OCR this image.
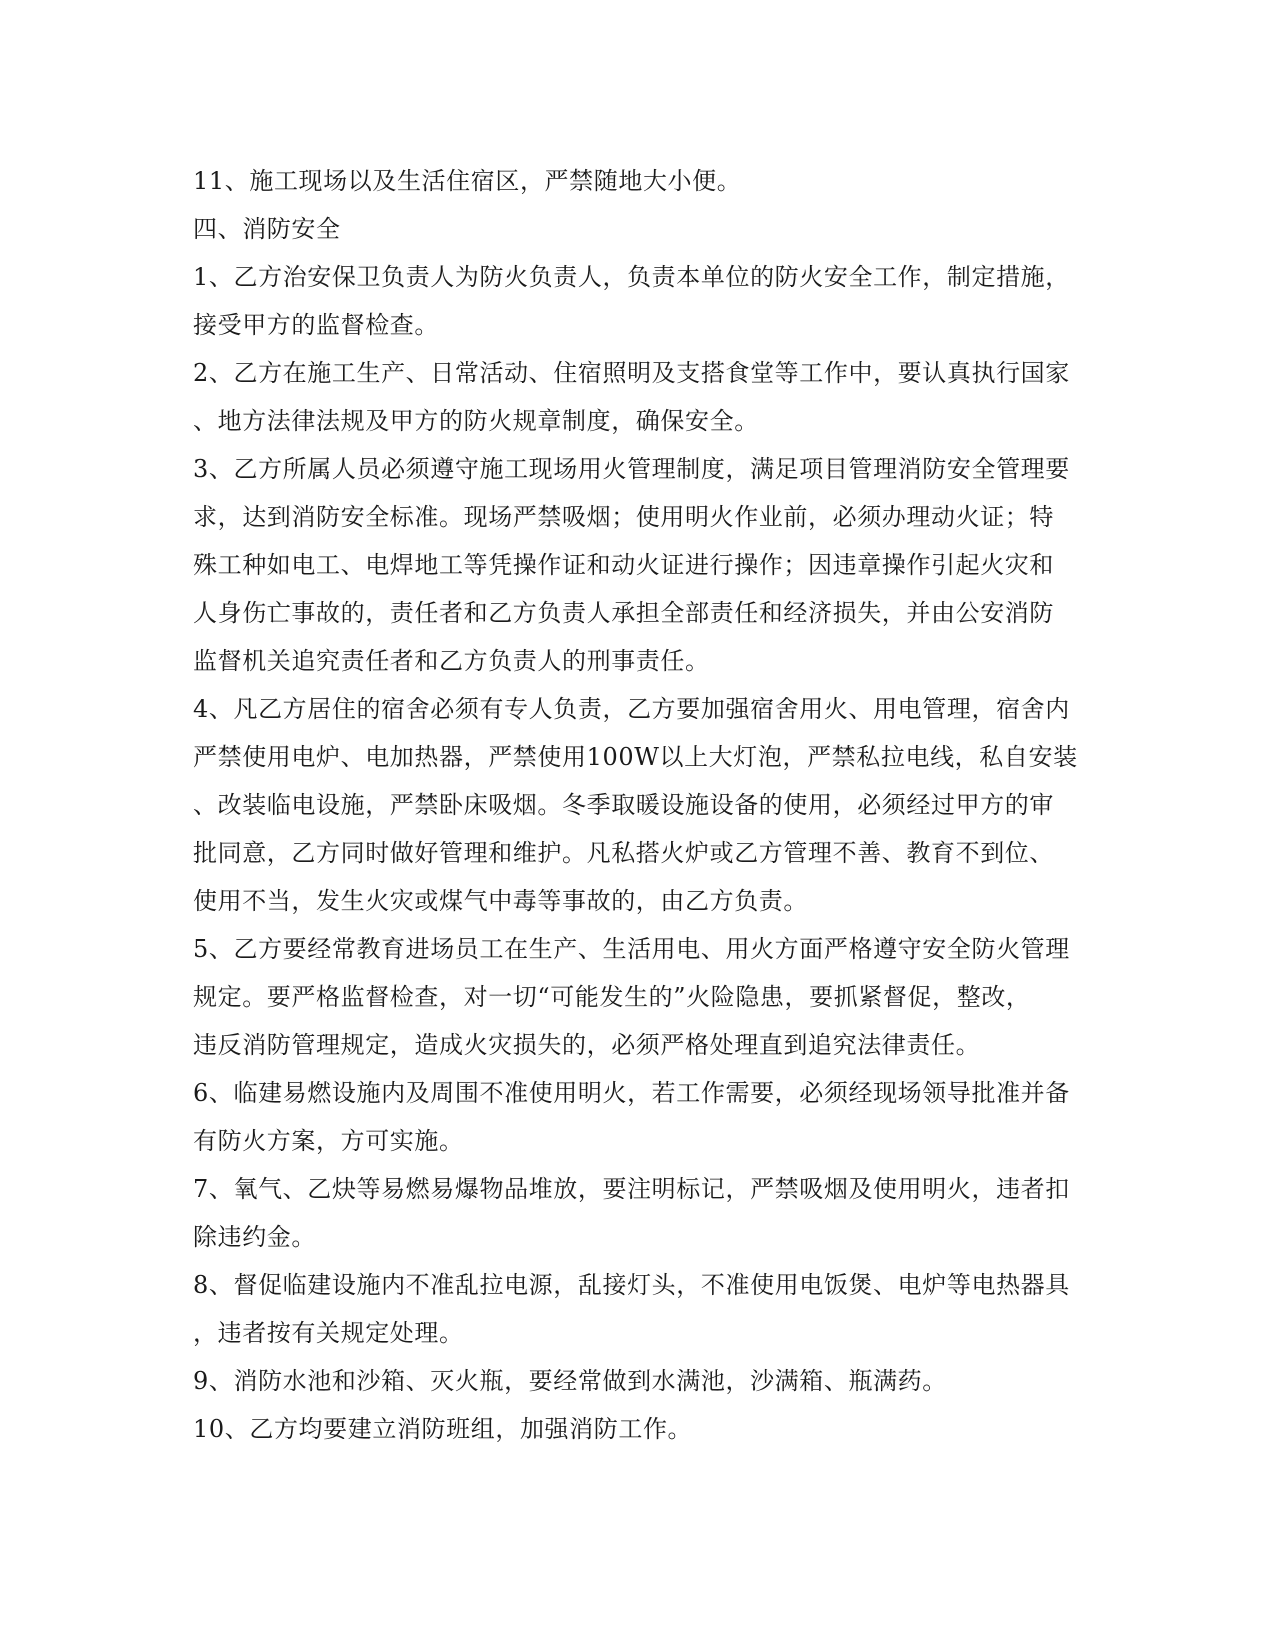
11、施工现场以及生活住宿区，严禁随地大小便。
四、消防安全
1、乙方治安保卫负责人为防火负责人，负责本单位的防火安全工作，制定措施，
接受甲方的监督检查。
2、乙方在施工生产、日常活动、住宿照明及支搭食堂等工作中，要认真执行国家
、地方法律法规及甲方的防火规章制度，确保安全。
3、乙方所属人员必须遵守施工现场用火管理制度，满足项目管理消防安全管理要
求，达到消防安全标准。现场严禁吸烟；使用明火作业前，必须办理动火证；特
殊工种如电工、电焊地工等凭操作证和动火证进行操作；因违章操作引起火灾和
人身伤亡事故的，责任者和乙方负责人承担全部责任和经济损失，并由公安消防
监督机关追究责任者和乙方负责人的刑事责任。
4、凡乙方居住的宿舍必须有专人负责，乙方要加强宿舍用火、用电管理，宿舍内
严禁使用电炉、电加热器，严禁使用100W以上大灯泡，严禁私拉电线，私自安装
、改装临电设施，严禁卧床吸烟。冬季取暖设施设备的使用，必须经过甲方的审
批同意，乙方同时做好管理和维护。凡私搭火炉或乙方管理不善、教育不到位、
使用不当，发生火灾或煤气中毒等事故的，由乙方负责。
5、乙方要经常教育进场员工在生产、生活用电、用火方面严格遵守安全防火管理
规定。要严格监督检查，对一切“可能发生的”火险隐患，要抓紧督促，整改，
违反消防管理规定，造成火灾损失的，必须严格处理直到追究法律责任。
6、临建易燃设施内及周围不准使用明火，若工作需要，必须经现场领导批准并备
有防火方案，方可实施。
7、氧气、乙炔等易燃易爆物品堆放，要注明标记，严禁吸烟及使用明火，违者扣
除违约金。
8、督促临建设施内不准乱拉电源，乱接灯头，不准使用电饭煲、电炉等电热器具
，违者按有关规定处理。
9、消防水池和沙箱、灭火瓶，要经常做到水满池，沙满箱、瓶满药。
10、乙方均要建立消防班组，加强消防工作。
